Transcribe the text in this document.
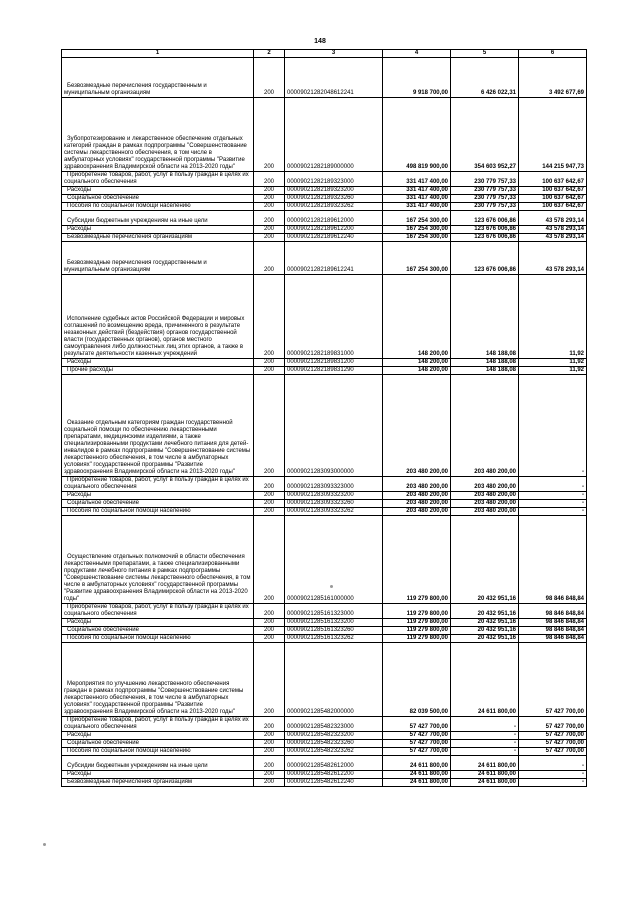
148
1	2	3	4	5	6
Безвозмездные перечисления государственным и муниципальным организациям	200	00009021282048612241	9 918 700,00	6 426 022,31	3 492 677,69
Зубопротезирование и лекарственное обеспечение отдельных категорий граждан в рамках подпрограммы "Совершенствование системы лекарственного обеспечения, в том числе в амбулаторных условиях" государственной программы "Развитие здравоохранения Владимирской области на 2013-2020 годы"	200	00009021282189000000	498 819 900,00	354 603 952,27	144 215 947,73
Приобретение товаров, работ, услуг в пользу граждан в целях их социального обеспечения	200	00009021282189323000	331 417 400,00	230 779 757,33	100 637 642,67
Расходы	200	00009021282189323200	331 417 400,00	230 779 757,33	100 637 642,67
Социальное обеспечение	200	00009021282189323260	331 417 400,00	230 779 757,33	100 637 642,67
Пособия по социальной помощи населению	200	00009021282189323262	331 417 400,00	230 779 757,33	100 637 642,67
Субсидии бюджетным учреждениям на иные цели	200	00009021282189612000	167 254 300,00	123 676 006,86	43 578 293,14
Расходы	200	00009021282189612200	167 254 300,00	123 676 006,86	43 578 293,14
Безвозмездные перечисления организациям	200	00009021282189612240	167 254 300,00	123 676 006,86	43 578 293,14
Безвозмездные перечисления государственным и муниципальным организациям	200	00009021282189612241	167 254 300,00	123 676 006,86	43 578 293,14
Исполнение судебных актов Российской Федерации и мировых соглашений по возмещению вреда, причиненного в результате незаконных действий (бездействия) органов государственной власти (государственных органов), органов местного самоуправления либо должностных лиц этих органов, а также в результате деятельности казенных учреждений	200	00009021282189831000	148 200,00	148 188,08	11,92
Расходы	200	00009021282189831200	148 200,00	148 188,08	11,92
Прочие расходы	200	00009021282189831290	148 200,00	148 188,08	11,92
Оказание отдельным категориям граждан государственной социальной помощи по обеспечению лекарственными препаратами, медицинскими изделиями, а также специализированными продуктами лечебного питания для детей-инвалидов в рамках подпрограммы "Совершенствование системы лекарственного обеспечения, в том числе в амбулаторных условиях" государственной программы "Развитие здравоохранения Владимирской области на 2013-2020 годы"	200	00009021283093000000	203 480 200,00	203 480 200,00	-
Приобретение товаров, работ, услуг в пользу граждан в целях их социального обеспечения	200	00009021283093323000	203 480 200,00	203 480 200,00	-
Расходы	200	00009021283093323200	203 480 200,00	203 480 200,00	-
Социальное обеспечение	200	00009021283093323260	203 480 200,00	203 480 200,00	-
Пособия по социальной помощи населению	200	00009021283093323262	203 480 200,00	203 480 200,00	-
Осуществление отдельных полномочий в области обеспечения лекарственными препаратами, а также специализированными продуктами лечебного питания в рамках подпрограммы "Совершенствование системы лекарственного обеспечения, в том числе в амбулаторных условиях" государственной программы "Развитие здравоохранения Владимирской области на 2013-2020 годы"	200	00009021285161000000	119 279 800,00	20 432 951,16	98 846 848,84
Приобретение товаров, работ, услуг в пользу граждан в целях их социального обеспечения	200	00009021285161323000	119 279 800,00	20 432 951,16	98 846 848,84
Расходы	200	00009021285161323200	119 279 800,00	20 432 951,16	98 846 848,84
Социальное обеспечение	200	00009021285161323260	119 279 800,00	20 432 951,16	98 846 848,84
Пособия по социальной помощи населению	200	00009021285161323262	119 279 800,00	20 432 951,16	98 846 848,84
Мероприятия по улучшению лекарственного обеспечения граждан в рамках подпрограммы "Совершенствование системы лекарственного обеспечения, в том числе в амбулаторных условиях" государственной программы "Развитие здравоохранения Владимирской области на 2013-2020 годы"	200	00009021285482000000	82 039 500,00	24 611 800,00	57 427 700,00
Приобретение товаров, работ, услуг в пользу граждан в целях их социального обеспечения	200	00009021285482323000	57 427 700,00	-	57 427 700,00
Расходы	200	00009021285482323200	57 427 700,00	-	57 427 700,00
Социальное обеспечение	200	00009021285482323260	57 427 700,00	-	57 427 700,00
Пособия по социальной помощи населению	200	00009021285482323262	57 427 700,00	-	57 427 700,00
Субсидии бюджетным учреждениям на иные цели	200	00009021285482612000	24 611 800,00	24 611 800,00	-
Расходы	200	00009021285482612200	24 611 800,00	24 611 800,00	-
Безвозмездные перечисления организациям	200	00009021285482612240	24 611 800,00	24 611 800,00	-
